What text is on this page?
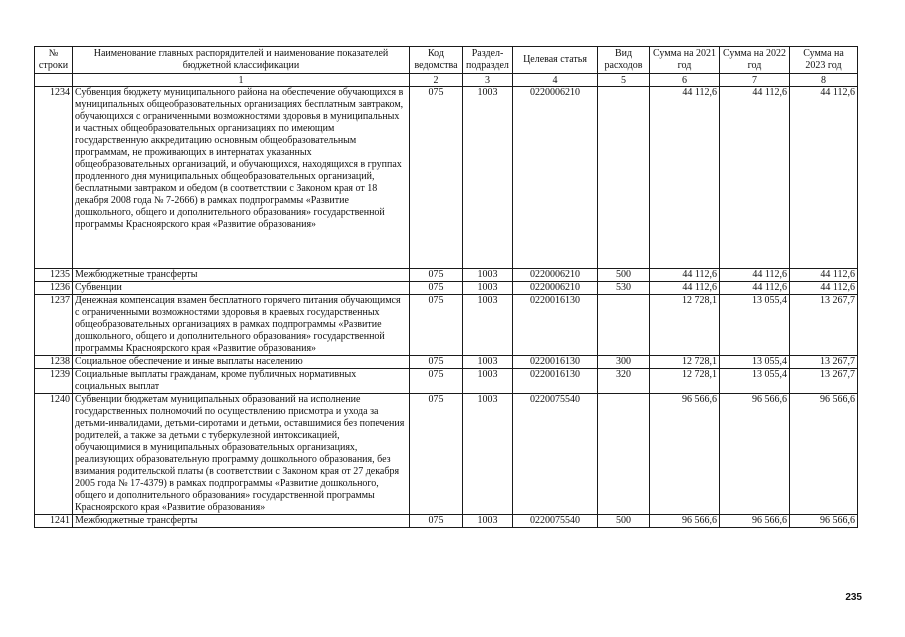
№ строки	Наименование главных распорядителей и наименование показателей бюджетной классификации	Код ведомства	Раздел-подраздел	Целевая статья	Вид расходов	Сумма на 2021 год	Сумма на 2022 год	Сумма на 2023 год
	1	2	3	4	5	6	7	8
1234	Субвенция бюджету муниципального района на обеспечение обучающихся в муниципальных общеобразовательных организациях бесплатным завтраком, обучающихся с ограниченными возможностями здоровья в муниципальных и частных общеобразовательных организациях по имеющим государственную аккредитацию основным общеобразовательным программам, не проживающих в интернатах указанных общеобразовательных организаций, и обучающихся, находящихся в группах продленного дня муниципальных общеобразовательных организаций, бесплатными завтраком и обедом (в соответствии с Законом края от 18 декабря 2008 года № 7-2666) в рамках подпрограммы «Развитие дошкольного, общего и дополнительного образования» государственной программы Красноярского края «Развитие образования»	075	1003	0220006210		44 112,6	44 112,6	44 112,6
1235	Межбюджетные трансферты	075	1003	0220006210	500	44 112,6	44 112,6	44 112,6
1236	Субвенции	075	1003	0220006210	530	44 112,6	44 112,6	44 112,6
1237	Денежная компенсация взамен бесплатного горячего питания обучающимся с ограниченными возможностями здоровья в краевых государственных общеобразовательных организациях в рамках подпрограммы «Развитие дошкольного, общего и дополнительного образования» государственной программы Красноярского края «Развитие образования»	075	1003	0220016130		12 728,1	13 055,4	13 267,7
1238	Социальное обеспечение и иные выплаты населению	075	1003	0220016130	300	12 728,1	13 055,4	13 267,7
1239	Социальные выплаты гражданам, кроме публичных нормативных социальных выплат	075	1003	0220016130	320	12 728,1	13 055,4	13 267,7
1240	Субвенции бюджетам муниципальных образований на исполнение государственных полномочий по осуществлению присмотра и ухода за детьми-инвалидами, детьми-сиротами и детьми, оставшимися без попечения родителей, а также за детьми с туберкулезной интоксикацией, обучающимися в муниципальных образовательных организациях, реализующих образовательную программу дошкольного образования, без взимания родительской платы (в соответствии с Законом края от 27 декабря 2005 года № 17-4379) в рамках подпрограммы «Развитие дошкольного, общего и дополнительного образования» государственной программы Красноярского края «Развитие образования»	075	1003	0220075540		96 566,6	96 566,6	96 566,6
1241	Межбюджетные трансферты	075	1003	0220075540	500	96 566,6	96 566,6	96 566,6
235
